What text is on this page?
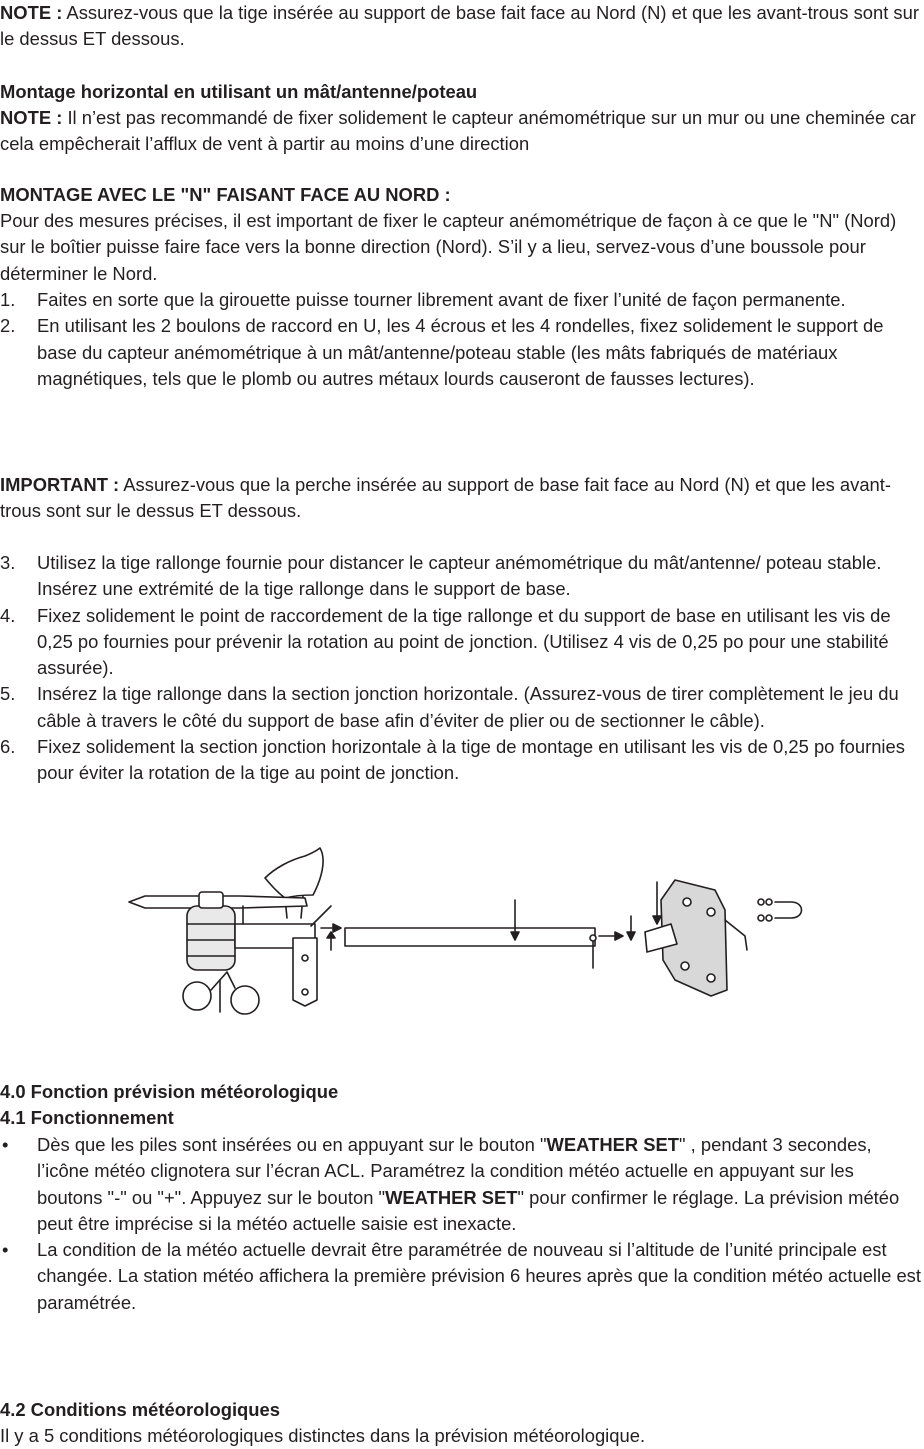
NOTE : Assurez-vous que la tige insérée au support de base fait face au Nord (N) et que les avant-trous sont sur le dessus ET dessous.
Montage horizontal en utilisant un mât/antenne/poteau
NOTE : Il n’est pas recommandé de fixer solidement le capteur anémométrique sur un mur ou une cheminée car cela empêcherait l’afflux de vent à partir au moins d’une direction
MONTAGE AVEC LE "N" FAISANT FACE AU NORD :
Pour des mesures précises, il est important de fixer le capteur anémométrique de façon à ce que le "N" (Nord) sur le boîtier puisse faire face vers la bonne direction (Nord). S’il y a lieu, servez-vous d’une boussole pour déterminer le Nord.
1. Faites en sorte que la girouette puisse tourner librement avant de fixer l’unité de façon permanente.
2. En utilisant les 2 boulons de raccord en U, les 4 écrous et les 4 rondelles, fixez solidement le support de base du capteur anémométrique à un mât/antenne/poteau stable (les mâts fabriqués de matériaux magnétiques, tels que le plomb ou autres métaux lourds causeront de fausses lectures).
IMPORTANT : Assurez-vous que la perche insérée au support de base fait face au Nord (N) et que les avant-trous sont sur le dessus ET dessous.
3. Utilisez la tige rallonge fournie pour distancer le capteur anémométrique du mât/antenne/ poteau stable. Insérez une extrémité de la tige rallonge dans le support de base.
4. Fixez solidement le point de raccordement de la tige rallonge et du support de base en utilisant les vis de 0,25 po fournies pour prévenir la rotation au point de jonction. (Utilisez 4 vis de 0,25 po pour une stabilité assurée).
5. Insérez la tige rallonge dans la section jonction horizontale. (Assurez-vous de tirer complètement le jeu du câble à travers le côté du support de base afin d’éviter de plier ou de sectionner le câble).
6. Fixez solidement la section jonction horizontale à la tige de montage en utilisant les vis de 0,25 po fournies pour éviter la rotation de la tige au point de jonction.
4.0 Fonction prévision météorologique
4.1 Fonctionnement
• Dès que les piles sont insérées ou en appuyant sur le bouton "WEATHER SET" , pendant 3 secondes, l’icône météo clignotera sur l’écran ACL. Paramétrez la condition météo actuelle en appuyant sur les boutons "-" ou "+". Appuyez sur le bouton "WEATHER SET" pour confirmer le réglage. La prévision météo peut être imprécise si la météo actuelle saisie est inexacte.
• La condition de la météo actuelle devrait être paramétrée de nouveau si l’altitude de l’unité principale est changée. La station météo affichera la première prévision 6 heures après que la condition météo actuelle est paramétrée.
4.2 Conditions météorologiques
Il y a 5 conditions météorologiques distinctes dans la prévision météorologique.
